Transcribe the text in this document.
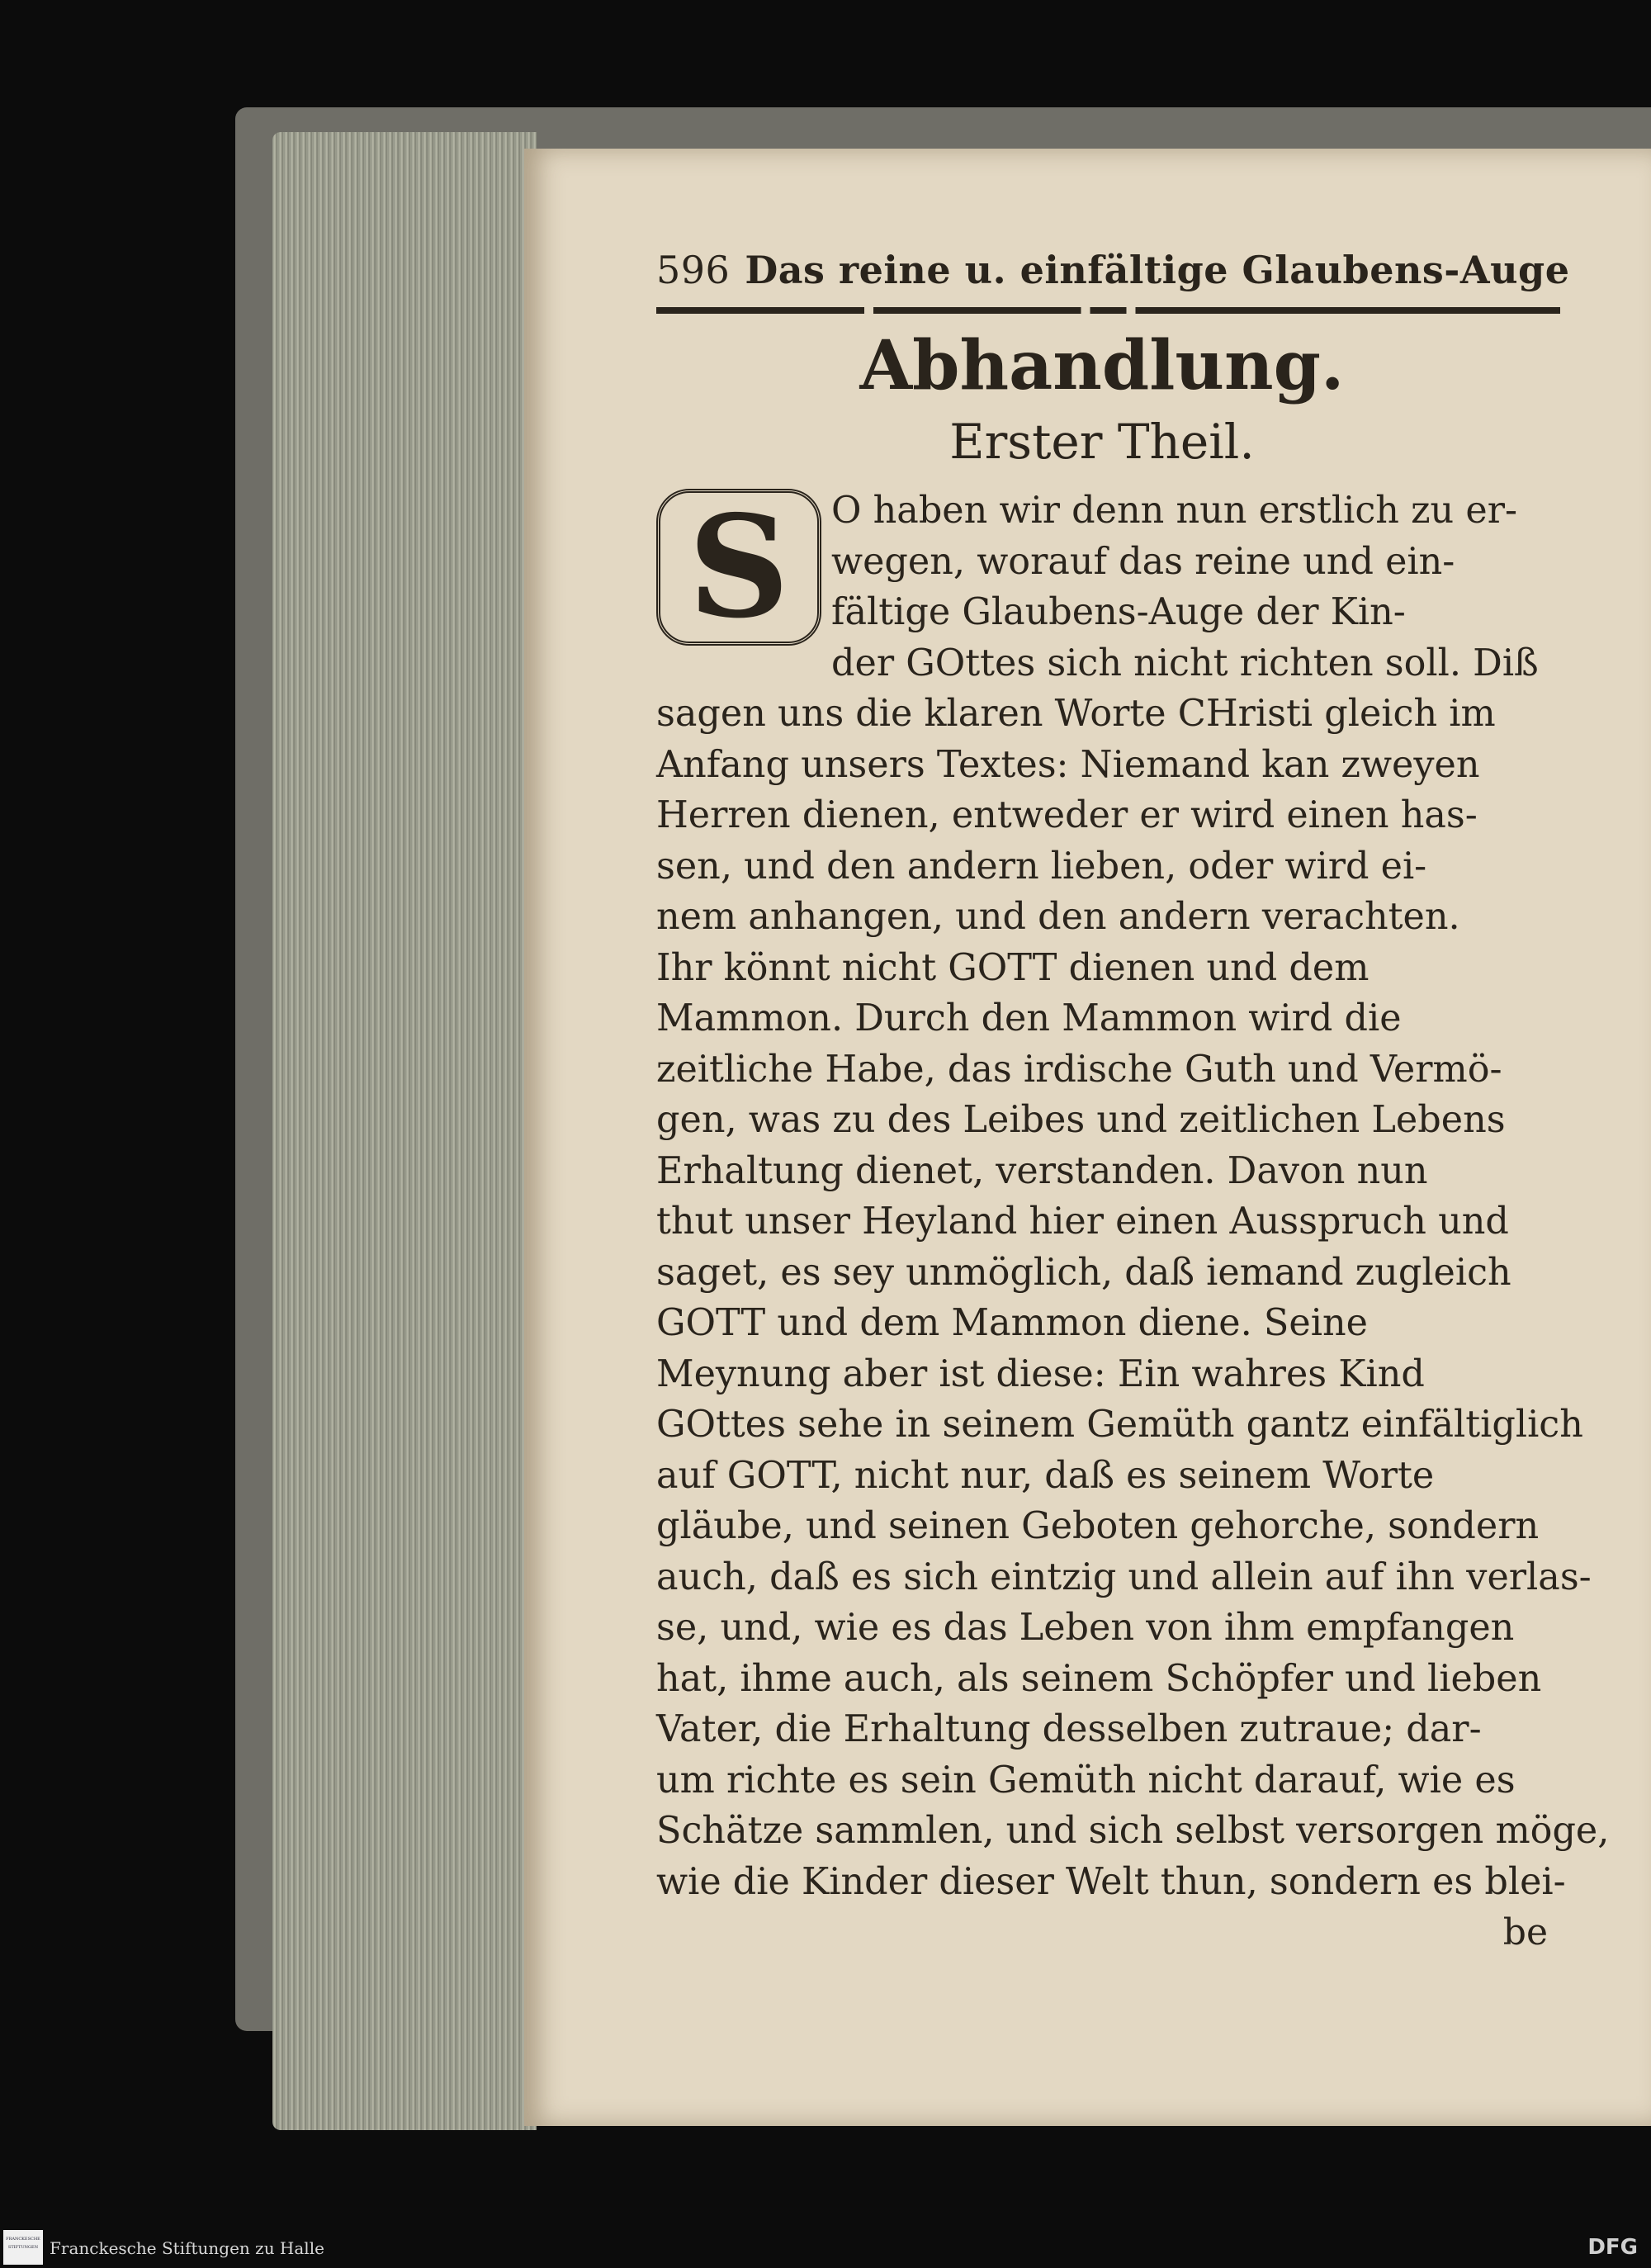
596 Das reine u. einfältige Glaubens-Auge
Abhandlung.
Erster Theil.
S	O haben wir denn nun erstlich zu er-
wegen, worauf das reine und ein-
fältige Glaubens-Auge der Kin-
der GOttes sich nicht richten soll. Diß
sagen uns die klaren Worte CHristi gleich im
Anfang unsers Textes: Niemand kan zweyen
Herren dienen, entweder er wird einen has-
sen, und den andern lieben, oder wird ei-
nem anhangen, und den andern verachten.
Ihr könnt nicht GOTT dienen und dem
Mammon. Durch den Mammon wird die
zeitliche Habe, das irdische Guth und Vermö-
gen, was zu des Leibes und zeitlichen Lebens
Erhaltung dienet, verstanden. Davon nun
thut unser Heyland hier einen Ausspruch und
saget, es sey unmöglich, daß iemand zugleich
GOTT und dem Mammon diene. Seine
Meynung aber ist diese: Ein wahres Kind
GOttes sehe in seinem Gemüth gantz einfältiglich
auf GOTT, nicht nur, daß es seinem Worte
gläube, und seinen Geboten gehorche, sondern
auch, daß es sich eintzig und allein auf ihn verlas-
se, und, wie es das Leben von ihm empfangen
hat, ihme auch, als seinem Schöpfer und lieben
Vater, die Erhaltung desselben zutraue; dar-
um richte es sein Gemüth nicht darauf, wie es
Schätze sammlen, und sich selbst versorgen möge,
wie die Kinder dieser Welt thun, sondern es blei-
be
FRANCKESCHE STIFTUNGEN Franckesche Stiftungen zu Halle	DFG
